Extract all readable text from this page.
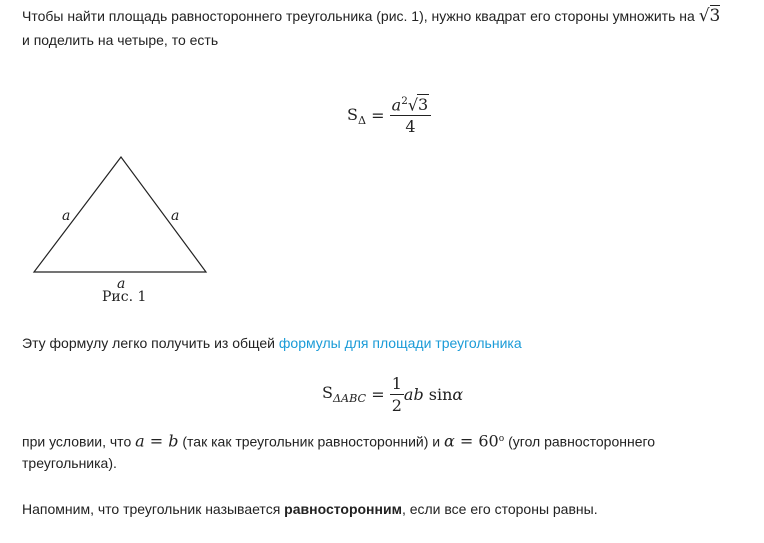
Чтобы найти площадь равностороннего треугольника (рис. 1), нужно квадрат его стороны умножить на √3
и поделить на четыре, то есть
$S_\Delta = \frac{a^2√3}{4}$
a	a
a
Рис. 1
Эту формулу легко получить из общей формулы для площади треугольника
$S_{\Delta ABC} = \frac{1}{2}$ ab sinα
при условии, что a = b (так как треугольник равносторонний) и $\alpha = 60^o$ (угол равностороннего
треугольника).
Напомним, что треугольник называется равносторонним, если все его стороны равны.
